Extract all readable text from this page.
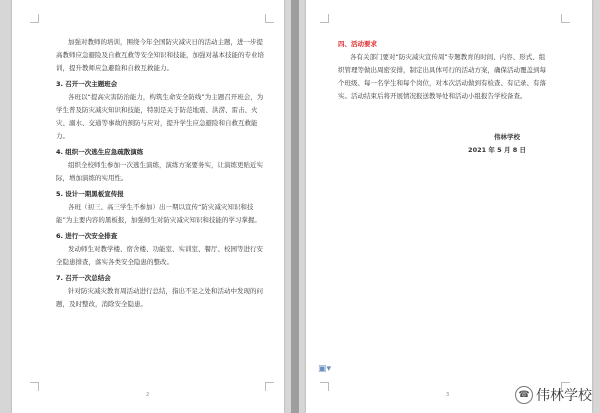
加强对教师的培训，围绕今年全国防灾减灾日的活动主题，进一步提高教师应急避险及自救互救等安全知识和技能，加强对基本技能的专业培训，提升教师应急避险和自救互救能力。

3. 召开一次主题班会

各班以“提高灾害防治能力，构筑生命安全防线”为主题召开班会，为学生普及防灾减灾知识和技能，特别是关于防范地震、洪涝、雷击、火灾、溺水、交通等事故的预防与应对，提升学生应急避险和自救互救能力。

4. 组织一次逃生应急疏散演练

组织全校师生参加一次逃生演练，演练方案要务实，让演练更贴近实际，增加演练的实用性。

5. 设计一期黑板宣传报

各班（初三、高三学生不参加）出一期以宣传“防灾减灾知识和技能”为主要内容的黑板报，加强师生对防灾减灾知识和技能的学习掌握。

6. 进行一次安全排查

发动师生对教学楼、宿舍楼、功能室、实训室、餐厅、校园等进行安全隐患排查，落实各类安全隐患的整改。

7. 召开一次总结会

针对防灾减灾教育周活动进行总结，指出不足之处和活动中发现的问题，及时整改，消除安全隐患。

2

四、活动要求

各有关部门要对“防灾减灾宣传周”专题教育的时间、内容、形式、组织管理等做出周密安排，制定出具体可行的活动方案，确保活动覆盖到每个班级、每一名学生和每个岗位，对本次活动做到有检查、有记录、有落实。活动结束后将开展情况报送教导处和活动小组报告学校备查。

伟林学校

2021 年 5 月 8 日

3
▣▾
☎ 伟林学校
